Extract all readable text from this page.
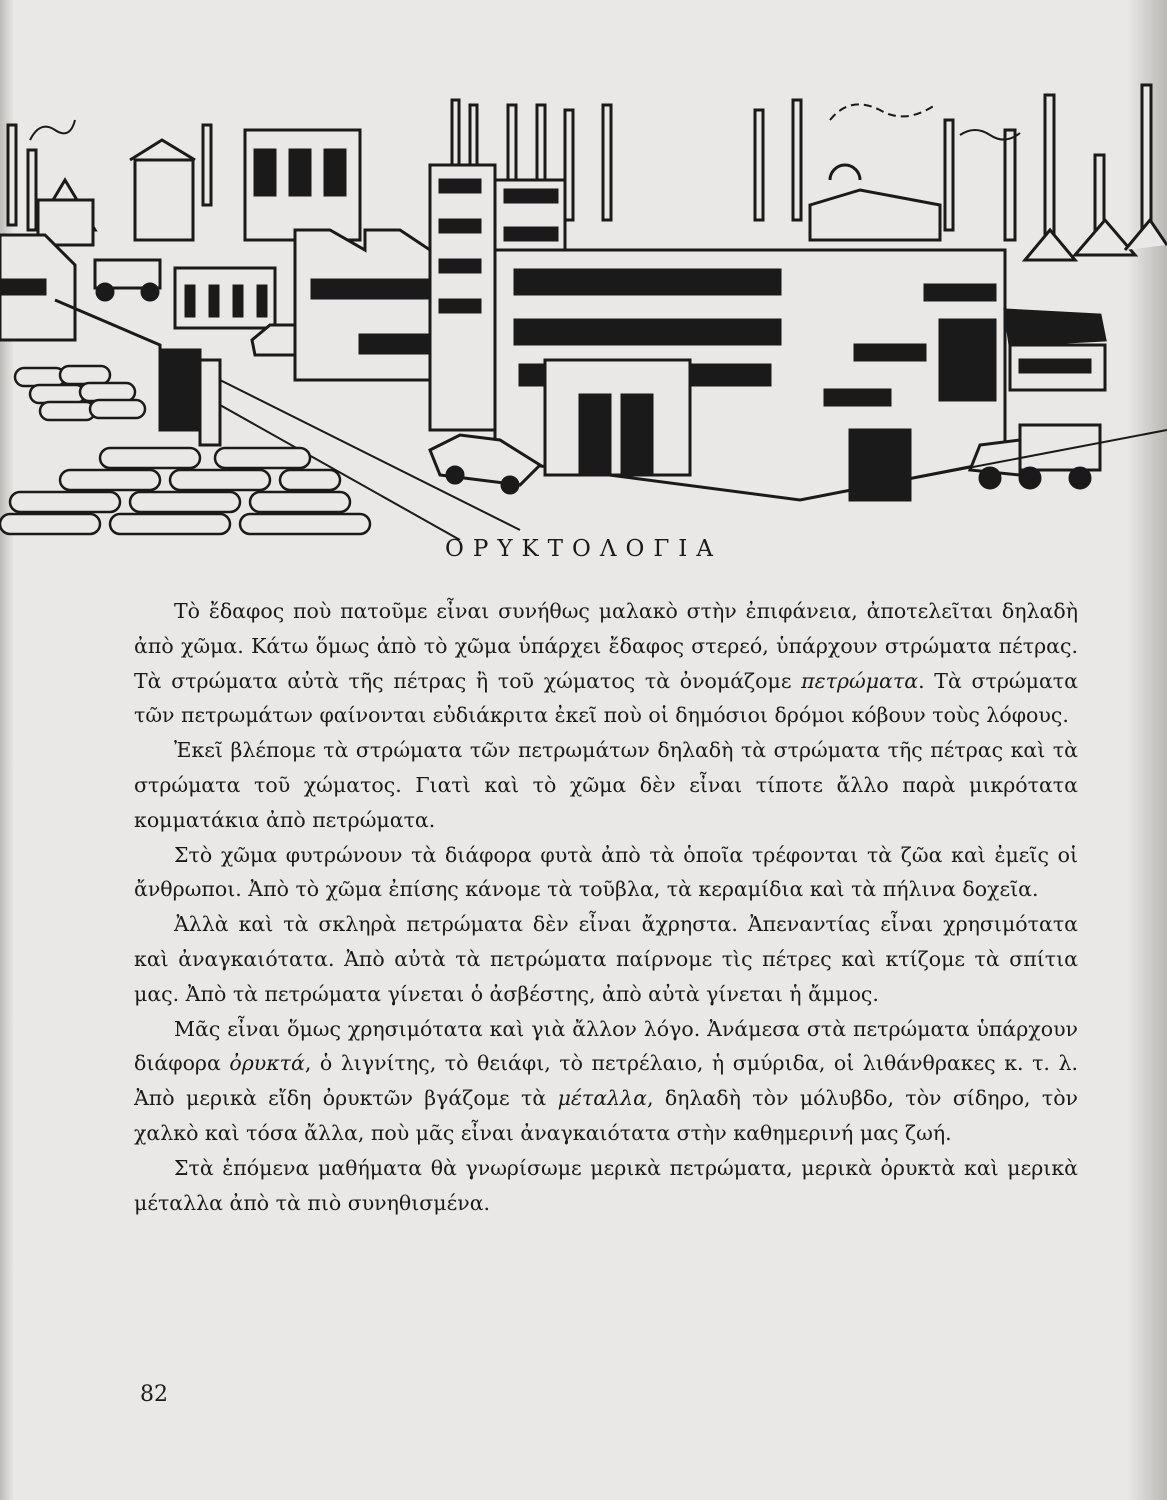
ΟΡΥΚΤΟΛΟΓΙΑ

Τὸ ἔδαφος ποὺ πατοῦμε εἶναι συνήθως μαλακὸ στὴν ἐπιφάνεια, ἀποτελεῖται δηλαδὴ ἀπὸ χῶμα. Κάτω ὅμως ἀπὸ τὸ χῶμα ὑπάρχει ἔδαφος στερεό, ὑπάρχουν στρώματα πέτρας. Τὰ στρώματα αὐτὰ τῆς πέτρας ἢ τοῦ χώματος τὰ ὀνομάζομε πετρώματα. Τὰ στρώματα τῶν πετρωμάτων φαίνονται εὐδιάκριτα ἐκεῖ ποὺ οἱ δημόσιοι δρόμοι κόβουν τοὺς λόφους.

Ἐκεῖ βλέπομε τὰ στρώματα τῶν πετρωμάτων δηλαδὴ τὰ στρώματα τῆς πέτρας καὶ τὰ στρώματα τοῦ χώματος. Γιατὶ καὶ τὸ χῶμα δὲν εἶναι τίποτε ἄλλο παρὰ μικρότατα κομματάκια ἀπὸ πετρώματα.

Στὸ χῶμα φυτρώνουν τὰ διάφορα φυτὰ ἀπὸ τὰ ὁποῖα τρέφονται τὰ ζῶα καὶ ἐμεῖς οἱ ἄνθρωποι. Ἀπὸ τὸ χῶμα ἐπίσης κάνομε τὰ τοῦβλα, τὰ κεραμίδια καὶ τὰ πήλινα δοχεῖα.

Ἀλλὰ καὶ τὰ σκληρὰ πετρώματα δὲν εἶναι ἄχρηστα. Ἀπεναντίας εἶναι χρησιμότατα καὶ ἀναγκαιότατα. Ἀπὸ αὐτὰ τὰ πετρώματα παίρνομε τὶς πέτρες καὶ κτίζομε τὰ σπίτια μας. Ἀπὸ τὰ πετρώματα γίνεται ὁ ἀσβέστης, ἀπὸ αὐτὰ γίνεται ἡ ἄμμος.

Μᾶς εἶναι ὅμως χρησιμότατα καὶ γιὰ ἄλλον λόγο. Ἀνάμεσα στὰ πετρώματα ὑπάρχουν διάφορα ὀρυκτά, ὁ λιγνίτης, τὸ θειάφι, τὸ πετρέλαιο, ἡ σμύριδα, οἱ λιθάνθρακες κ. τ. λ. Ἀπὸ μερικὰ εἴδη ὀρυκτῶν βγάζομε τὰ μέταλλα, δηλαδὴ τὸν μόλυβδο, τὸν σίδηρο, τὸν χαλκὸ καὶ τόσα ἄλλα, ποὺ μᾶς εἶναι ἀναγκαιότατα στὴν καθημερινή μας ζωή.

Στὰ ἑπόμενα μαθήματα θὰ γνωρίσωμε μερικὰ πετρώματα, μερικὰ ὀρυκτὰ καὶ μερικὰ μέταλλα ἀπὸ τὰ πιὸ συνηθισμένα.

82
